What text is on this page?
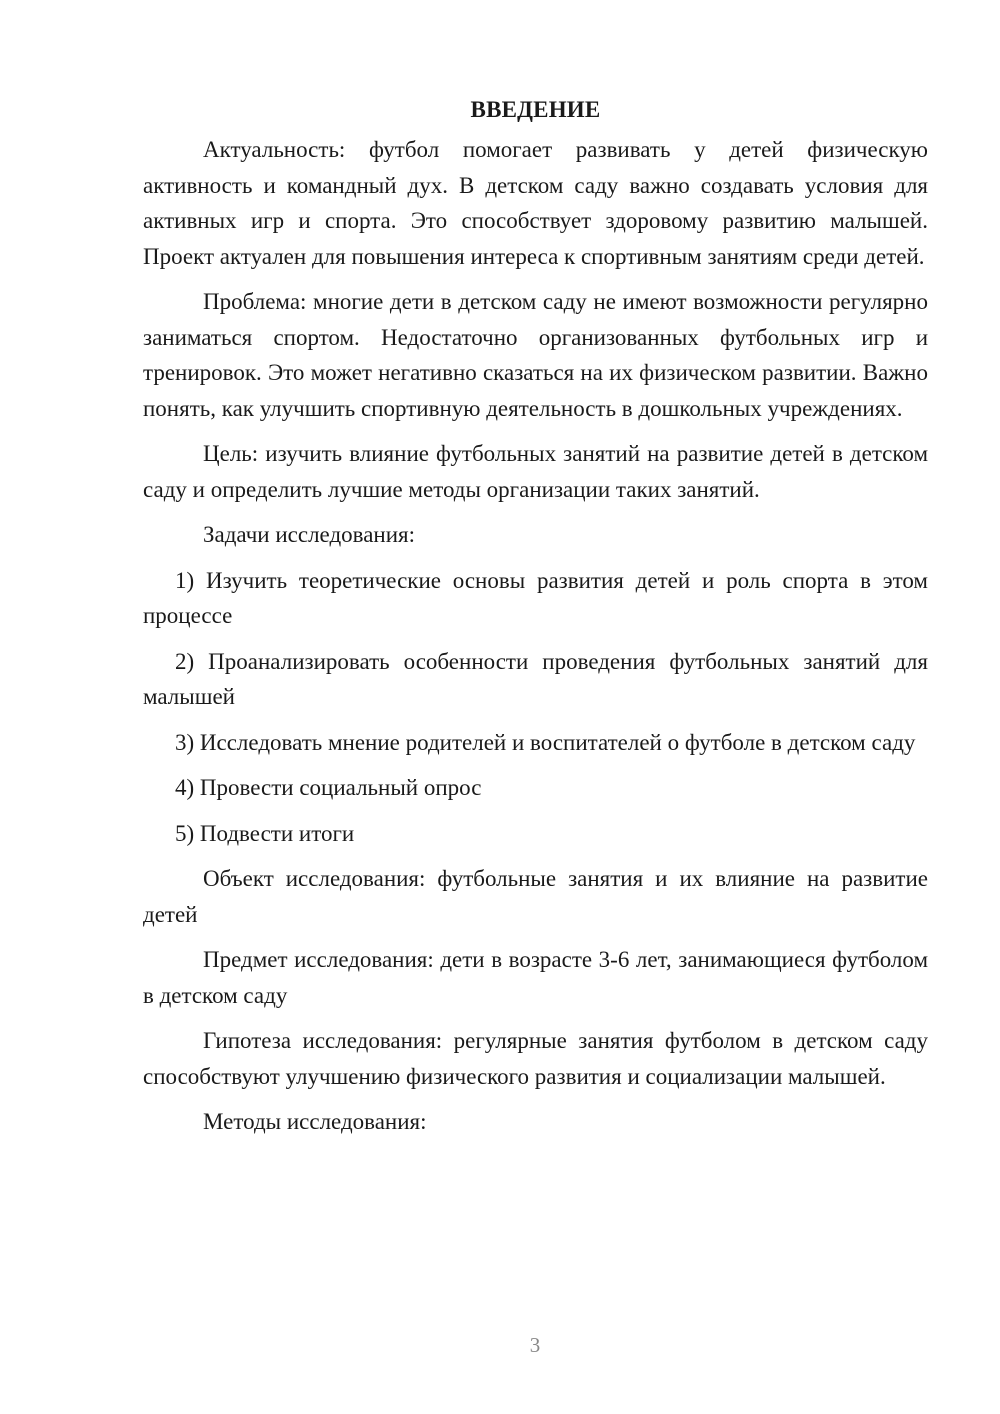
ВВЕДЕНИЕ

Актуальность: футбол помогает развивать у детей физическую активность и командный дух. В детском саду важно создавать условия для активных игр и спорта. Это способствует здоровому развитию малышей. Проект актуален для повышения интереса к спортивным занятиям среди детей.

Проблема: многие дети в детском саду не имеют возможности регулярно заниматься спортом. Недостаточно организованных футбольных игр и тренировок. Это может негативно сказаться на их физическом развитии. Важно понять, как улучшить спортивную деятельность в дошкольных учреждениях.

Цель: изучить влияние футбольных занятий на развитие детей в детском саду и определить лучшие методы организации таких занятий.

Задачи исследования:

1) Изучить теоретические основы развития детей и роль спорта в этом процессе

2) Проанализировать особенности проведения футбольных занятий для малышей

3) Исследовать мнение родителей и воспитателей о футболе в детском саду

4) Провести социальный опрос

5) Подвести итоги

Объект исследования: футбольные занятия и их влияние на развитие детей

Предмет исследования: дети в возрасте 3-6 лет, занимающиеся футболом в детском саду

Гипотеза исследования: регулярные занятия футболом в детском саду способствуют улучшению физического развития и социализации малышей.

Методы исследования:

3
